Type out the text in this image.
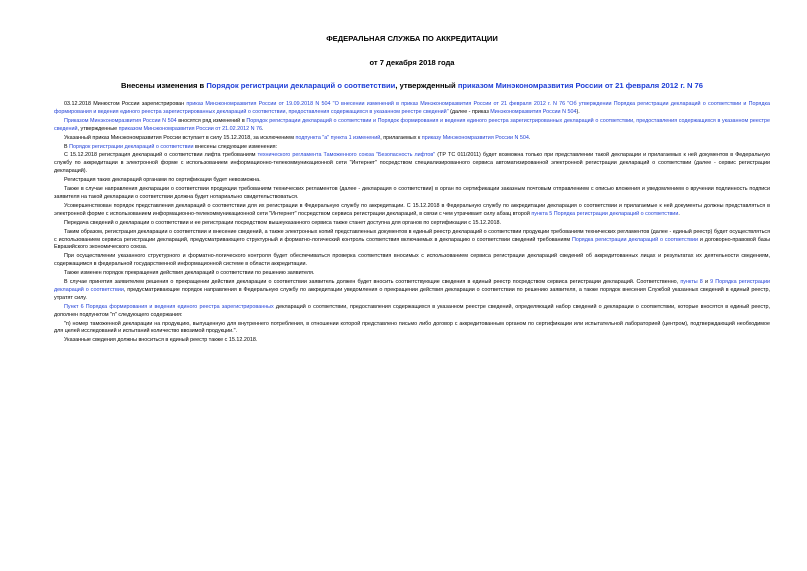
ФЕДЕРАЛЬНАЯ СЛУЖБА ПО АККРЕДИТАЦИИ

от 7 декабря 2018 года

Внесены изменения в Порядок регистрации деклараций о соответствии, утвержденный приказом Минэкономразвития России от 21 февраля 2012 г. N 76

03.12.2018 Минюстом России зарегистрирован приказ Минэкономразвития России от 19.09.2018 N 504 "О внесении изменений в приказ Минэкономразвития России от 21 февраля 2012 г. N 76 "Об утверждении Порядка регистрации деклараций о соответствии и Порядка формирования и ведения единого реестра зарегистрированных деклараций о соответствии, предоставления содержащихся в указанном реестре сведений" (далее - приказ Минэкономразвития России N 504).

Приказом Минэкономразвития России N 504 вносятся ряд изменений в Порядок регистрации деклараций о соответствии и Порядок формирования и ведения единого реестра зарегистрированных деклараций о соответствии, предоставления содержащихся в указанном реестре сведений, утвержденные приказом Минэкономразвития России от 21.02.2012 N 76.

Указанный приказ Минэкономразвития России вступает в силу 15.12.2018, за исключением подпункта "а" пункта 1 изменений, прилагаемых к приказу Минэкономразвития России N 504.

В Порядок регистрации деклараций о соответствии внесены следующие изменения:

С 15.12.2018 регистрация деклараций о соответствии лифта требованиям технического регламента Таможенного союза "Безопасность лифтов" (ТР ТС 011/2011) будет возможна только при представлении такой декларации и прилагаемых к ней документов в Федеральную службу по аккредитации в электронной форме с использованием информационно-телекоммуникационной сети "Интернет" посредством специализированного сервиса автоматизированной электронной регистрации деклараций о соответствии (далее - сервис регистрации деклараций).

Регистрация таких деклараций органами по сертификации будет невозможна.

Также в случае направления декларации о соответствии продукции требованиям технических регламентов (далее - декларация о соответствии) в орган по сертификации заказным почтовым отправлением с описью вложения и уведомлением о вручении подлинность подписи заявителя на такой декларации о соответствии должна будет нотариально свидетельствоваться.

Усовершенствован порядок представления деклараций о соответствии для их регистрации в Федеральную службу по аккредитации. С 15.12.2018 в Федеральную службу по аккредитации декларация о соответствии и прилагаемые к ней документы должны представляться в электронной форме с использованием информационно-телекоммуникационной сети "Интернет" посредством сервиса регистрации деклараций, в связи с чем утрачивает силу абзац второй пункта 5 Порядка регистрации деклараций о соответствии.

Передача сведений о декларации о соответствии и ее регистрации посредством вышеуказанного сервиса также станет доступна для органов по сертификации с 15.12.2018.

Таким образом, регистрация декларации о соответствии и внесение сведений, а также электронных копий представленных документов в единый реестр деклараций о соответствии продукции требованиям технических регламентов (далее - единый реестр) будет осуществляться с использованием сервиса регистрации деклараций, предусматривающего структурный и форматно-логический контроль соответствия включаемых в декларацию о соответствии сведений требованиям Порядка регистрации деклараций о соответствии и договорно-правовой базы Евразийского экономического союза.

При осуществлении указанного структурного и форматно-логического контроля будет обеспечиваться проверка соответствия вносимых с использованием сервиса регистрации деклараций сведений об аккредитованных лицах и результатах их деятельности сведениям, содержащимся в федеральной государственной информационной системе в области аккредитации.

Также изменен порядок прекращения действия деклараций о соответствии по решению заявителя.

В случае принятия заявителем решения о прекращении действия декларации о соответствии заявитель должен будет вносить соответствующие сведения в единый реестр посредством сервиса регистрации деклараций. Соответственно, пункты 8 и 9 Порядка регистрации деклараций о соответствии, предусматривающие порядок направления в Федеральную службу по аккредитации уведомления о прекращении действия декларации о соответствии по решению заявителя, а также порядок внесения Службой указанных сведений в единый реестр, утратят силу.

Пункт 6 Порядка формирования и ведения единого реестра зарегистрированных деклараций о соответствии, предоставления содержащихся в указанном реестре сведений, определяющий набор сведений о декларации о соответствии, которые вносятся в единый реестр, дополнен подпунктом "п" следующего содержания:

"п) номер таможенной декларации на продукцию, выпущенную для внутреннего потребления, в отношении которой представлено письмо либо договор с аккредитованным органом по сертификации или испытательной лабораторией (центром), подтверждающий необходимое для целей исследований и испытаний количество ввозимой продукции.".

Указанные сведения должны вноситься в единый реестр также с 15.12.2018.
